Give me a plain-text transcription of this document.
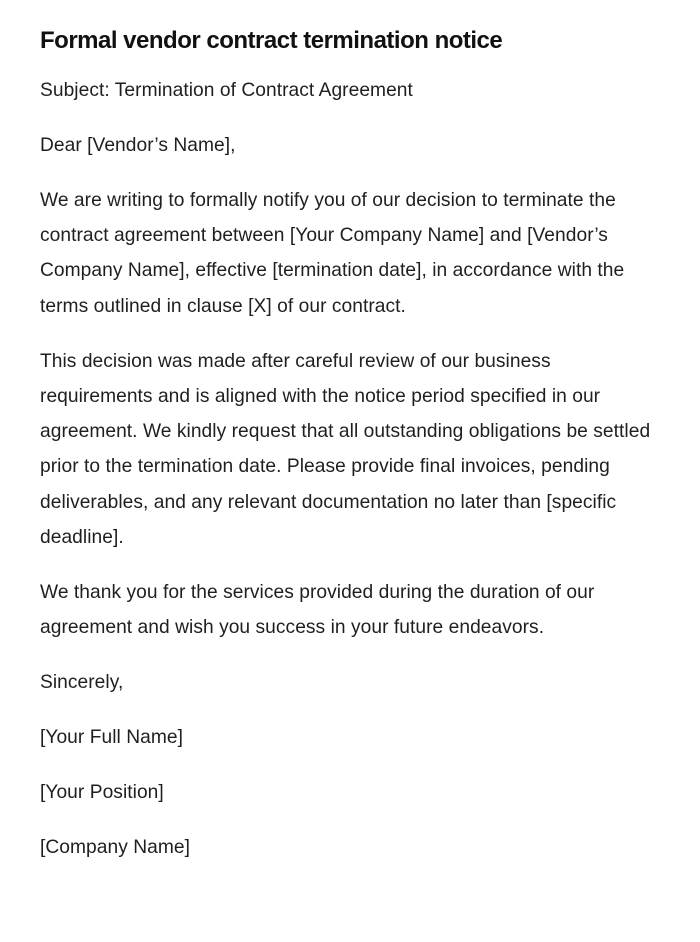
Formal vendor contract termination notice

Subject: Termination of Contract Agreement

Dear [Vendor’s Name],

We are writing to formally notify you of our decision to terminate the contract agreement between [Your Company Name] and [Vendor’s Company Name], effective [termination date], in accordance with the terms outlined in clause [X] of our contract.

This decision was made after careful review of our business requirements and is aligned with the notice period specified in our agreement. We kindly request that all outstanding obligations be settled prior to the termination date. Please provide final invoices, pending deliverables, and any relevant documentation no later than [specific deadline].

We thank you for the services provided during the duration of our agreement and wish you success in your future endeavors.

Sincerely,

[Your Full Name]

[Your Position]

[Company Name]
